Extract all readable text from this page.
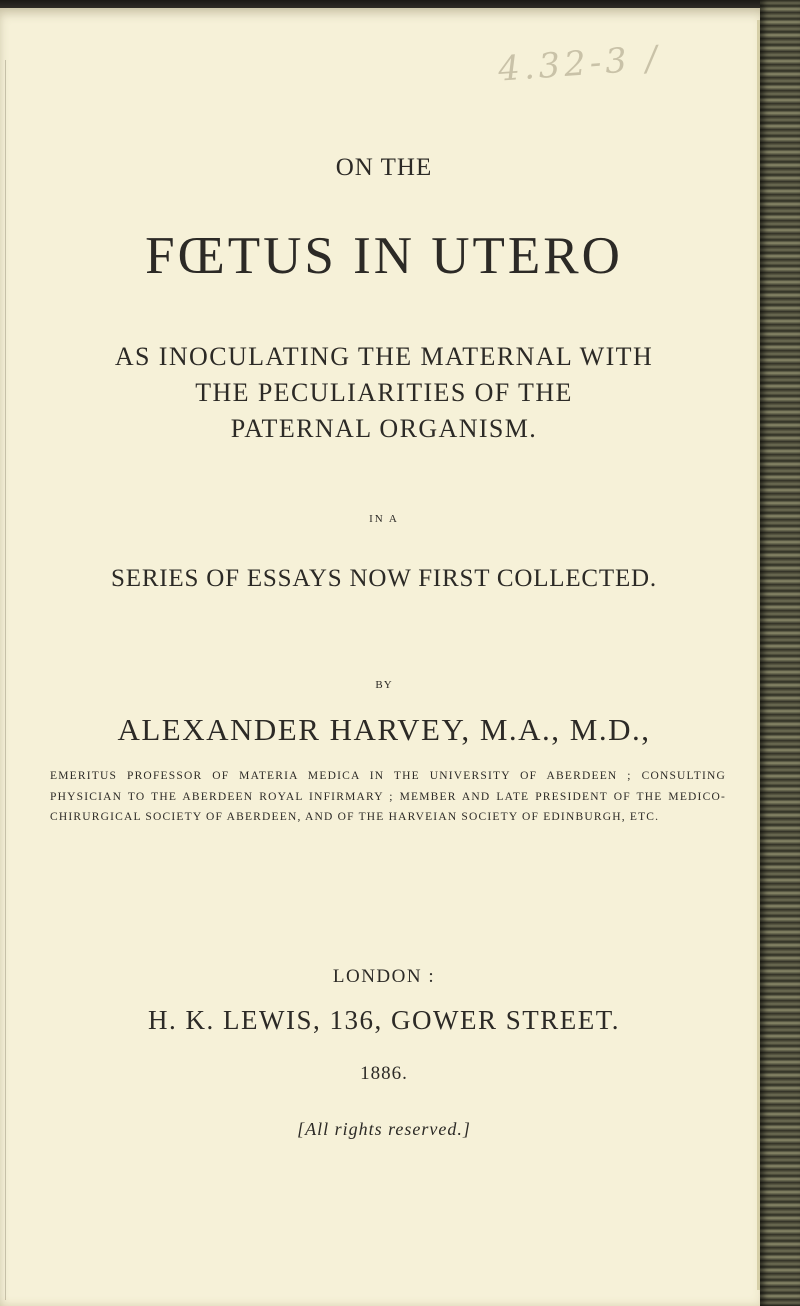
4.32-3 /
ON THE
FŒTUS IN UTERO
AS INOCULATING THE MATERNAL WITH
THE PECULIARITIES OF THE
PATERNAL ORGANISM.
IN A
SERIES OF ESSAYS NOW FIRST COLLECTED.
BY
ALEXANDER HARVEY, M.A., M.D.,
EMERITUS PROFESSOR OF MATERIA MEDICA IN THE UNIVERSITY OF ABERDEEN ; CONSULTING PHYSICIAN TO THE ABERDEEN ROYAL INFIRMARY ; MEMBER AND LATE PRESIDENT OF THE MEDICO-CHIRURGICAL SOCIETY OF ABERDEEN, AND OF THE HARVEIAN SOCIETY OF EDINBURGH, ETC.
LONDON :
H. K. LEWIS, 136, GOWER STREET.
1886.
[All rights reserved.]
